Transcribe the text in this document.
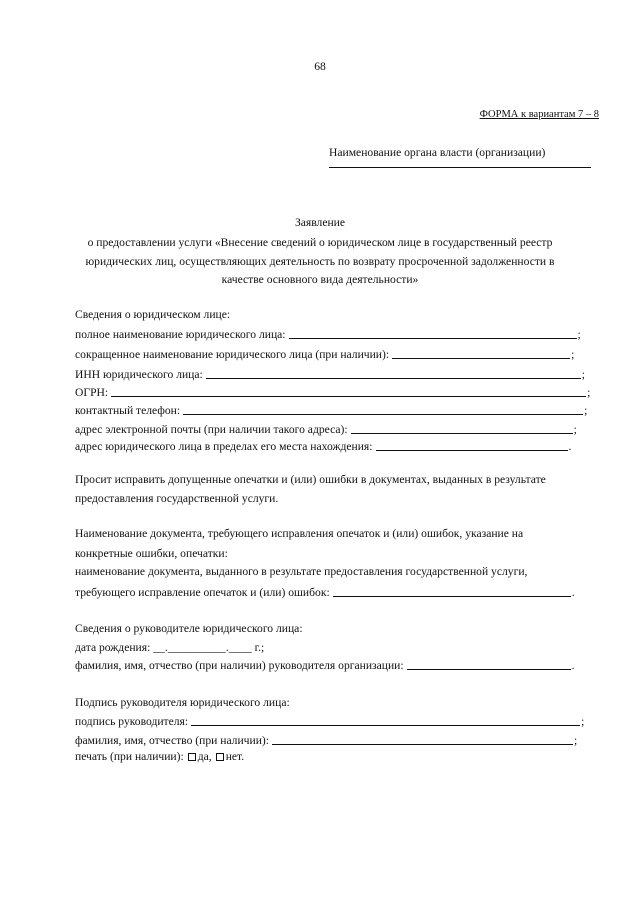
68
ФОРМА к вариантам 7 – 8
Наименование органа власти (организации)
Заявление
о предоставлении услуги «Внесение сведений о юридическом лице в государственный реестр
юридических лиц, осуществляющих деятельность по возврату просроченной задолженности в
качестве основного вида деятельности»
Сведения о юридическом лице:
полное наименование юридического лица:	;
сокращенное наименование юридического лица (при наличии):	;
ИНН юридического лица:	;
ОГРН:	;
контактный телефон:	;
адрес электронной почты (при наличии такого адреса):	;
адрес юридического лица в пределах его места нахождения:	.
Просит исправить допущенные опечатки и (или) ошибки в документах, выданных в результате
предоставления государственной услуги.
Наименование документа, требующего исправления опечаток и (или) ошибок, указание на
конкретные ошибки, опечатки:
наименование документа, выданного в результате предоставления государственной услуги,
требующего исправление опечаток и (или) ошибок:	.
Сведения о руководителе юридического лица:
дата рождения: __.__________.____ г.;
фамилия, имя, отчество (при наличии) руководителя организации:	.
Подпись руководителя юридического лица:
подпись руководителя:	;
фамилия, имя, отчество (при наличии):	;
печать (при наличии): да, нет.
